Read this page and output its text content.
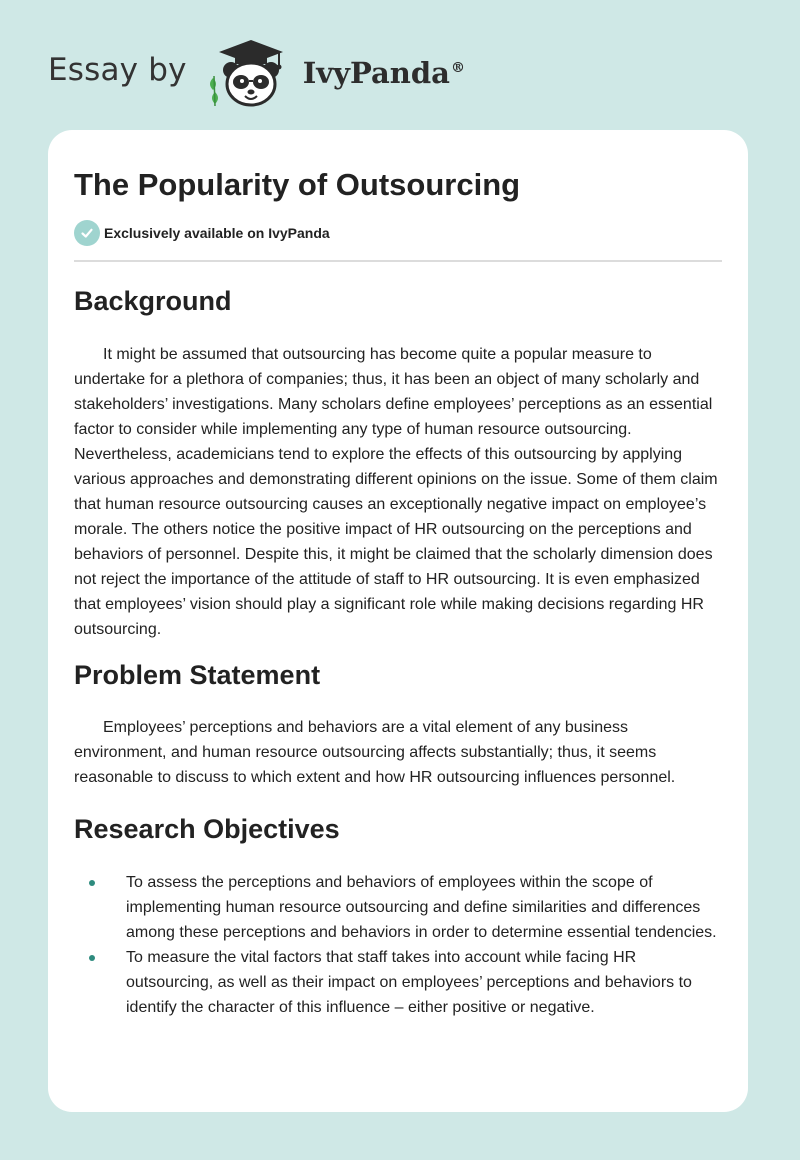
Essay by	IvyPanda®
The Popularity of Outsourcing
Exclusively available on IvyPanda
Background

It might be assumed that outsourcing has become quite a popular measure to undertake for a plethora of companies; thus, it has been an object of many scholarly and stakeholders’ investigations. Many scholars define employees’ perceptions as an essential factor to consider while implementing any type of human resource outsourcing. Nevertheless, academicians tend to explore the effects of this outsourcing by applying various approaches and demonstrating different opinions on the issue. Some of them claim that human resource outsourcing causes an exceptionally negative impact on employee’s morale. The others notice the positive impact of HR outsourcing on the perceptions and behaviors of personnel. Despite this, it might be claimed that the scholarly dimension does not reject the importance of the attitude of staff to HR outsourcing. It is even emphasized that employees’ vision should play a significant role while making decisions regarding HR outsourcing.

Problem Statement

Employees’ perceptions and behaviors are a vital element of any business environment, and human resource outsourcing affects substantially; thus, it seems reasonable to discuss to which extent and how HR outsourcing influences personnel.

Research Objectives
To assess the perceptions and behaviors of employees within the scope of implementing human resource outsourcing and define similarities and differences among these perceptions and behaviors in order to determine essential tendencies.
To measure the vital factors that staff takes into account while facing HR outsourcing, as well as their impact on employees’ perceptions and behaviors to identify the character of this influence – either positive or negative.
